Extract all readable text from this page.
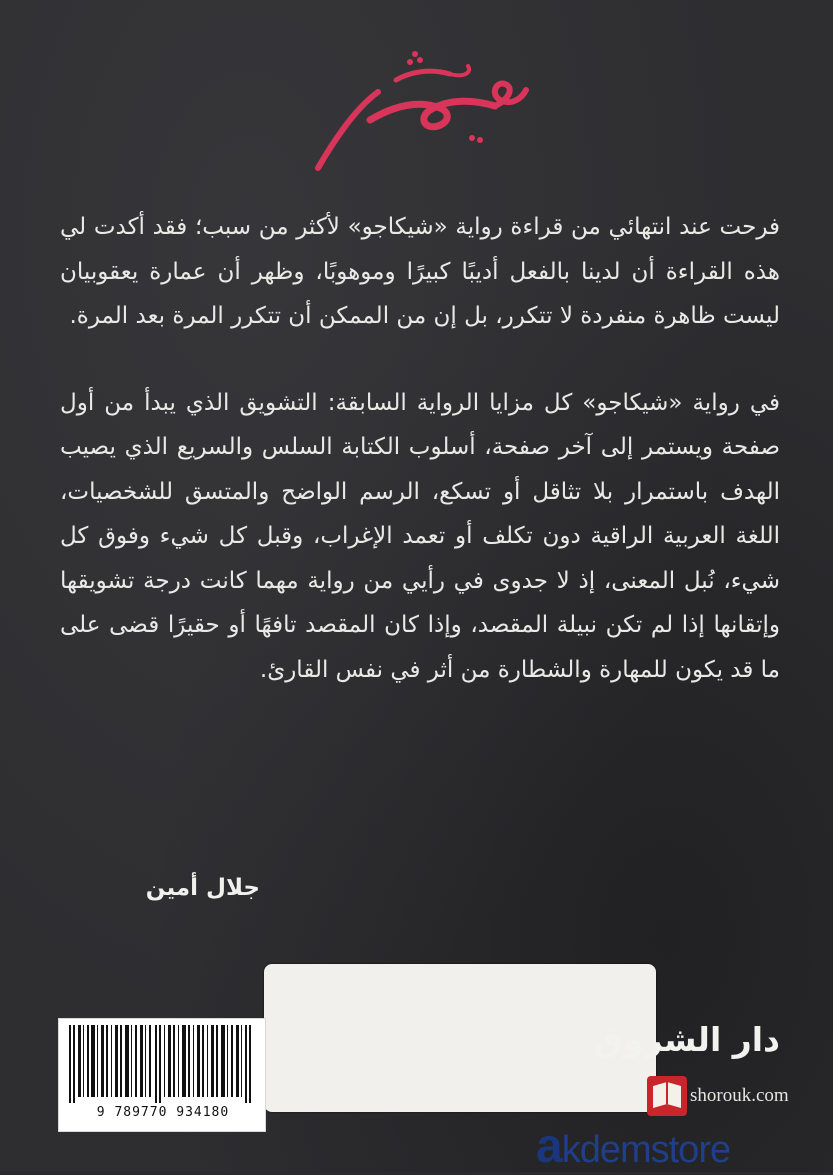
فرحت عند انتهائي من قراءة رواية «شيكاجو» لأكثر من سبب؛ فقد أكدت لي هذه القراءة أن لدينا بالفعل أديبًا كبيرًا وموهوبًا، وظهر أن عمارة يعقوبيان ليست ظاهرة منفردة لا تتكرر، بل إن من الممكن أن تتكرر المرة بعد المرة.

في رواية «شيكاجو» كل مزايا الرواية السابقة: التشويق الذي يبدأ من أول صفحة ويستمر إلى آخر صفحة، أسلوب الكتابة السلس والسريع الذي يصيب الهدف باستمرار بلا تثاقل أو تسكع، الرسم الواضح والمتسق للشخصيات، اللغة العربية الراقية دون تكلف أو تعمد الإغراب، وقبل كل شيء وفوق كل شيء، نُبل المعنى، إذ لا جدوى في رأيي من رواية مهما كانت درجة تشويقها وإتقانها إذا لم تكن نبيلة المقصد، وإذا كان المقصد تافهًا أو حقيرًا قضى على ما قد يكون للمهارة والشطارة من أثر في نفس القارئ.

جلال أمين
9 789770 934180
دار الشروق
shorouk.com
akdemstore
